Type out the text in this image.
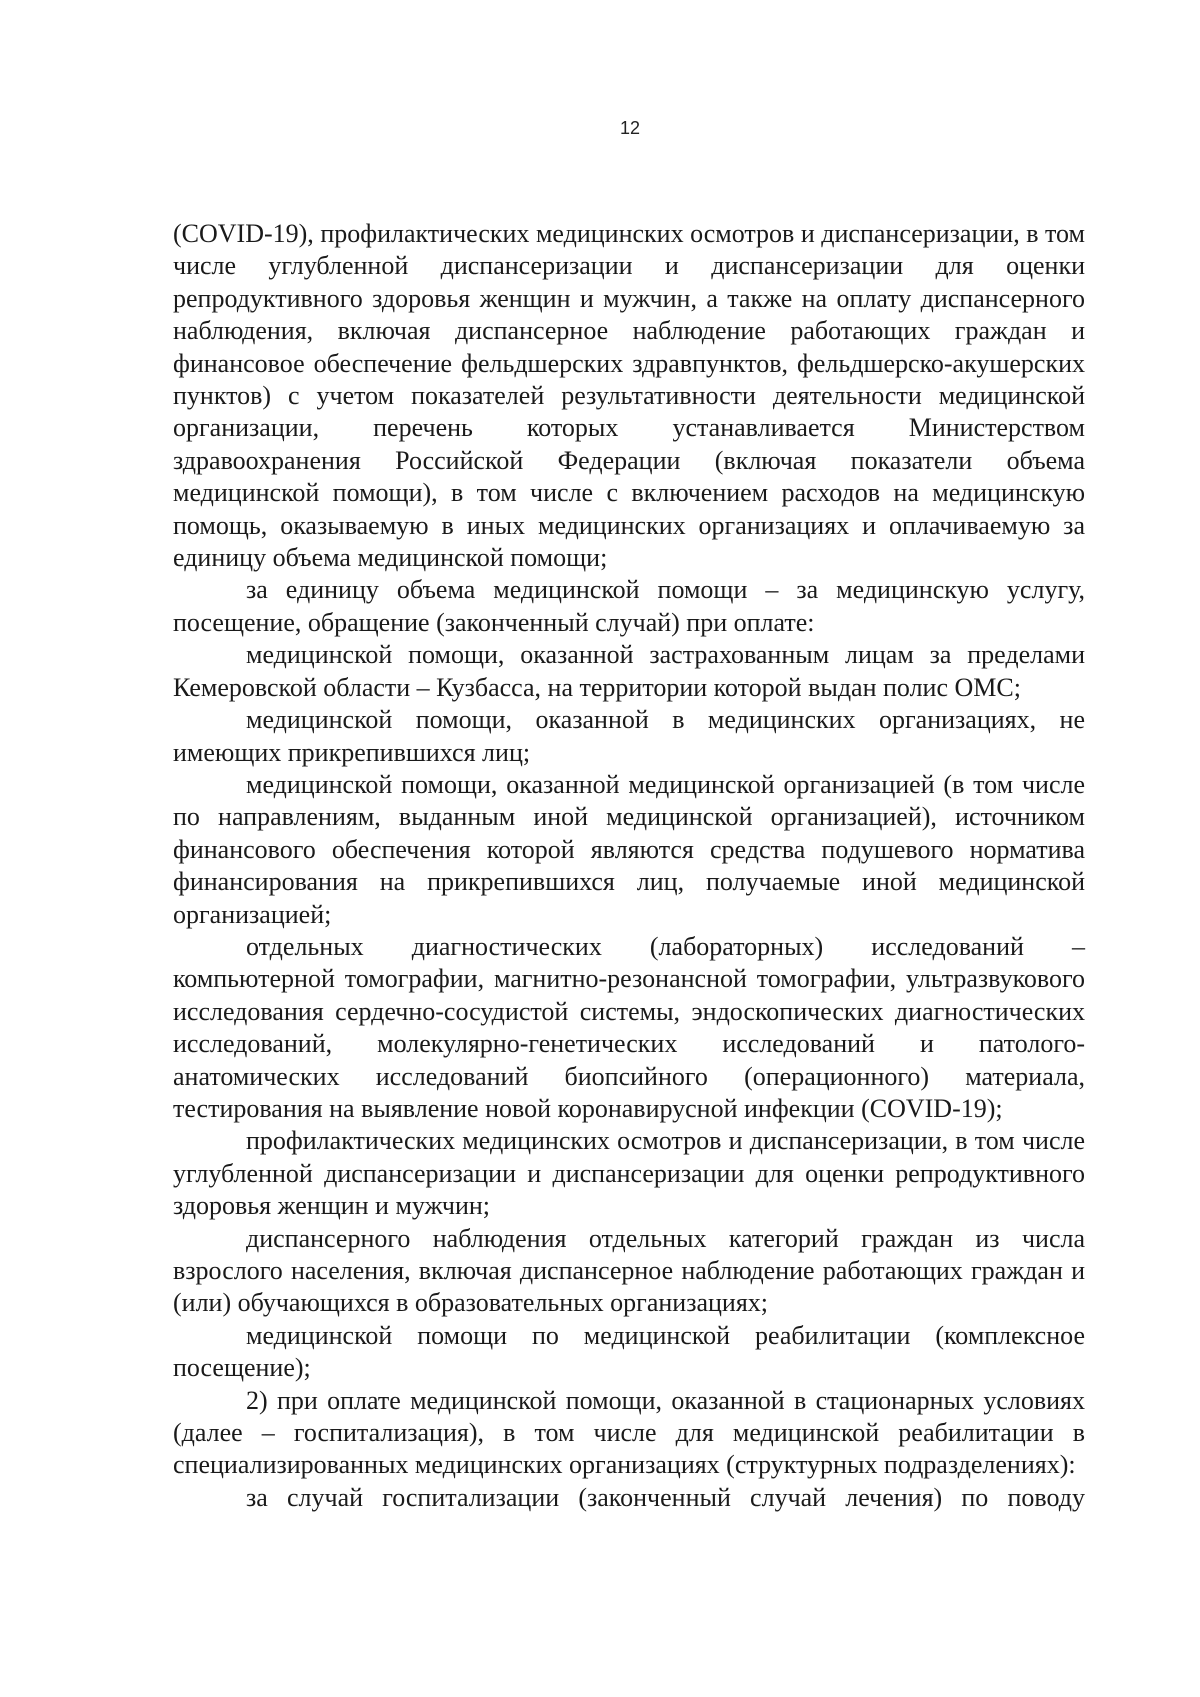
12

(COVID-19), профилактических медицинских осмотров и диспансеризации, в том числе углубленной диспансеризации и диспансеризации для оценки репродуктивного здоровья женщин и мужчин, а также на оплату диспансерного наблюдения, включая диспансерное наблюдение работающих граждан и финансовое обеспечение фельдшерских здравпунктов, фельдшерско-акушерских пунктов) с учетом показателей результативности деятельности медицинской организации, перечень которых устанавливается Министерством здравоохранения Российской Федерации (включая показатели объема медицинской помощи), в том числе с включением расходов на медицинскую помощь, оказываемую в иных медицинских организациях и оплачиваемую за единицу объема медицинской помощи;

за единицу объема медицинской помощи – за медицинскую услугу, посещение, обращение (законченный случай) при оплате:

медицинской помощи, оказанной застрахованным лицам за пределами Кемеровской области – Кузбасса, на территории которой выдан полис ОМС;

медицинской помощи, оказанной в медицинских организациях, не имеющих прикрепившихся лиц;

медицинской помощи, оказанной медицинской организацией (в том числе по направлениям, выданным иной медицинской организацией), источником финансового обеспечения которой являются средства подушевого норматива финансирования на прикрепившихся лиц, получаемые иной медицинской организацией;

отдельных диагностических (лабораторных) исследований – компьютерной томографии, магнитно-резонансной томографии, ультразвукового исследования сердечно-сосудистой системы, эндоскопических диагностических исследований, молекулярно-генетических исследований и патолого-анатомических исследований биопсийного (операционного) материала, тестирования на выявление новой коронавирусной инфекции (COVID-19);

профилактических медицинских осмотров и диспансеризации, в том числе углубленной диспансеризации и диспансеризации для оценки репродуктивного здоровья женщин и мужчин;

диспансерного наблюдения отдельных категорий граждан из числа взрослого населения, включая диспансерное наблюдение работающих граждан и (или) обучающихся в образовательных организациях;

медицинской помощи по медицинской реабилитации (комплексное посещение);

2) при оплате медицинской помощи, оказанной в стационарных условиях (далее – госпитализация), в том числе для медицинской реабилитации в специализированных медицинских организациях (структурных подразделениях):

за случай госпитализации (законченный случай лечения) по поводу
